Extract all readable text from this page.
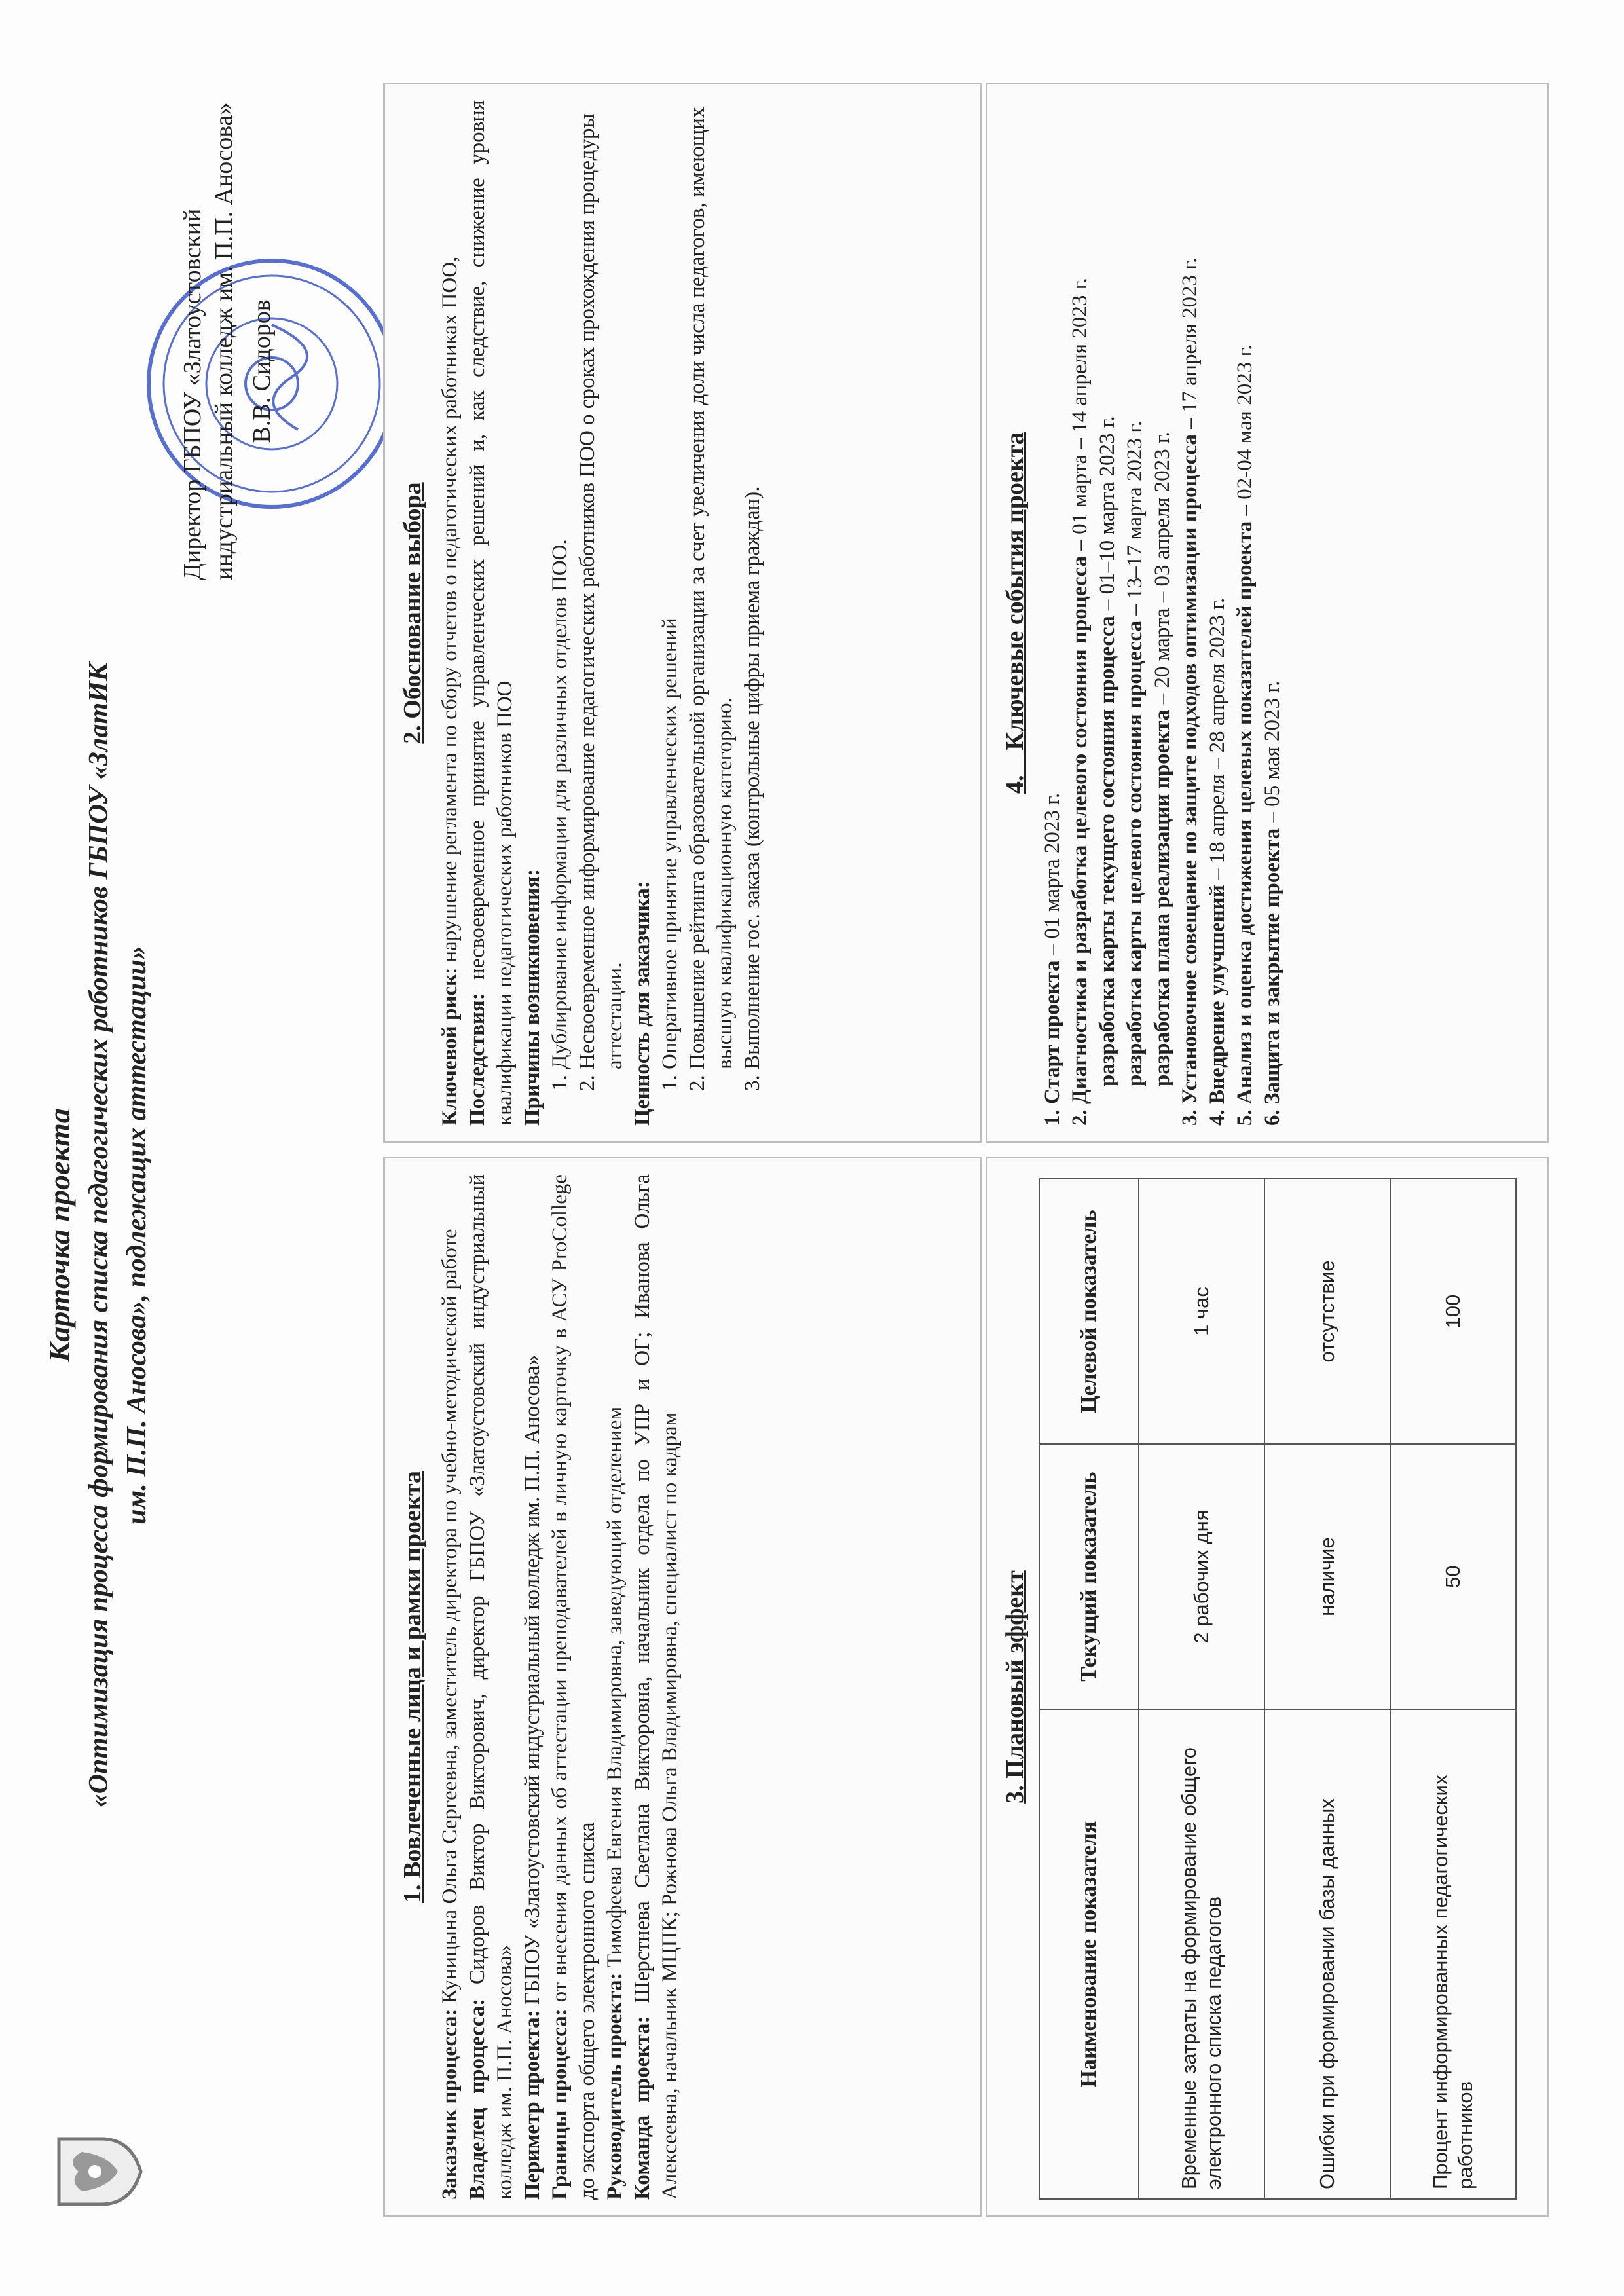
Карточка проекта «Оптимизация процесса формирования списка педагогических работников ГБПОУ «ЗлатИК им. П.П. Аносова», подлежащих аттестации»
Директор ГБПОУ «Златоустовский индустриальный колледж им. П.П. Аносова» В.В. Сидоров
1. Вовлеченные лица и рамки проекта

Заказчик процесса: Куницына Ольга Сергеевна, заместитель директора по учебно-методической работе

Владелец процесса: Сидоров Виктор Викторович, директор ГБПОУ «Златоустовский индустриальный колледж им. П.П. Аносова» Периметр проекта: ГБПОУ «Златоустовский индустриальный колледж им. П.П. Аносова»

Границы процесса: от внесения данных об аттестации преподавателей в личную карточку в АСУ ProCollege до экспорта общего электронного списка Руководитель проекта: Тимофеева Евгения Владимировна, заведующий отделением

Команда проекта: Шерстнева Светлана Викторовна, начальник отдела по УПР и ОГ; Иванова Ольга Алексеевна, начальник МЦПК; Рожнова Ольга Владимировна, специалист по кадрам

2. Обоснование выбора

Ключевой риск: нарушение регламента по сбору отчетов о педагогических работниках ПОО,

Последствия: несвоевременное принятие управленческих решений и, как следствие, снижение уровня квалификации педагогических работников ПОО Причины возникновения: 1. Дублирование информации для различных отделов ПОО. 2. Несвоевременное информирование педагогических работников ПОО о сроках прохождения процедуры аттестации. Ценность для заказчика: 1. Оперативное принятие управленческих решений 2. Повышение рейтинга образовательной организации за счет увеличения доли числа педагогов, имеющих высшую квалификационную категорию. 3. Выполнение гос. заказа (контрольные цифры приема граждан).
3. Плановый эффект
Наименование показателя	Текущий показатель	Целевой показатель
Временные затраты на формирование общего электронного списка педагогов	2 рабочих дня	1 час
Ошибки при формировании базы данных	наличие	отсутствие
Процент информированных педагогических работников	50	100
4.    Ключевые события проекта

1. Старт проекта – 01 марта 2023 г. 2. Диагностика и разработка целевого состояния процесса – 01 марта – 14 апреля 2023 г.

разработка карты текущего состояния процесса – 01–10 марта 2023 г.

разработка карты целевого состояния процесса – 13–17 марта 2023 г.

разработка плана реализации проекта – 20 марта – 03 апреля 2023 г. 3. Установочное совещание по защите подходов оптимизации процесса – 17 апреля 2023 г.

4. Внедрение улучшений – 18 апреля – 28 апреля 2023 г. 5. Анализ и оценка достижения целевых показателей проекта – 02-04 мая 2023 г.

6. Защита и закрытие проекта – 05 мая 2023 г.
